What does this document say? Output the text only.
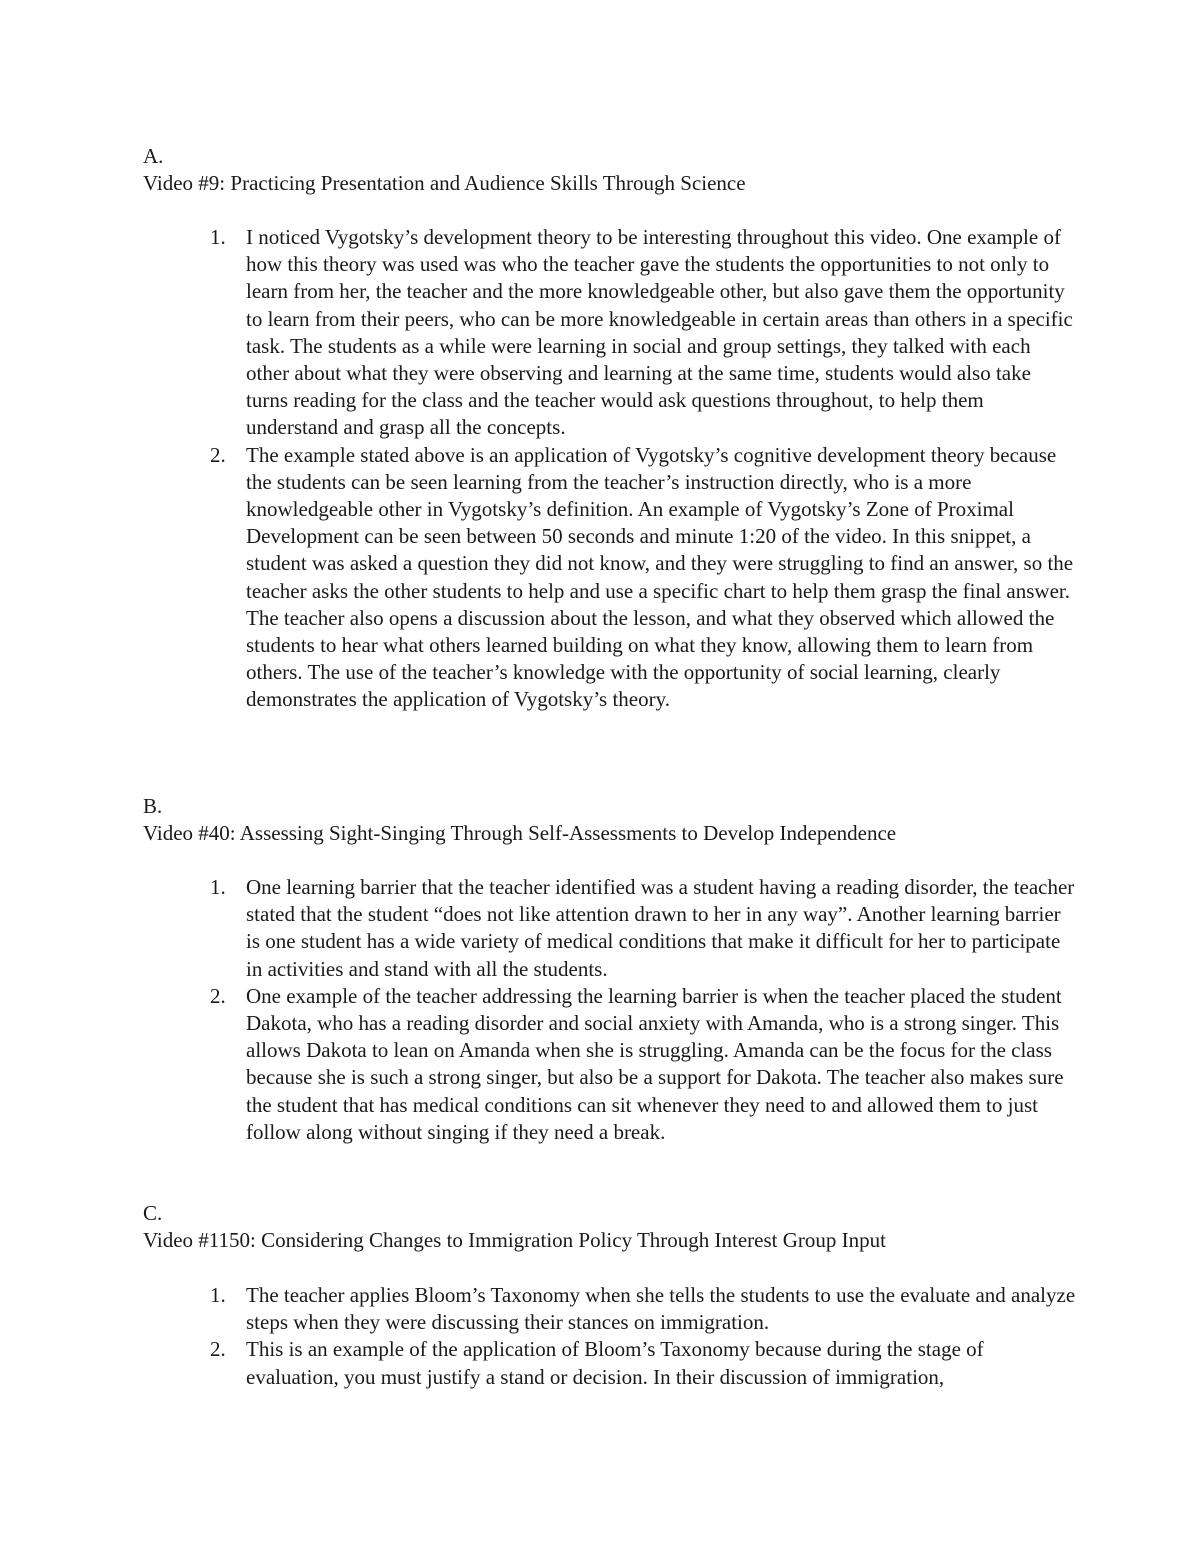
A.

Video #9: Practicing Presentation and Audience Skills Through Science

1. I noticed Vygotsky’s development theory to be interesting throughout this video. One example of how this theory was used was who the teacher gave the students the opportunities to not only to learn from her, the teacher and the more knowledgeable other, but also gave them the opportunity to learn from their peers, who can be more knowledgeable in certain areas than others in a specific task. The students as a while were learning in social and group settings, they talked with each other about what they were observing and learning at the same time, students would also take turns reading for the class and the teacher would ask questions throughout, to help them understand and grasp all the concepts.
2. The example stated above is an application of Vygotsky’s cognitive development theory because the students can be seen learning from the teacher’s instruction directly, who is a more knowledgeable other in Vygotsky’s definition. An example of Vygotsky’s Zone of Proximal Development can be seen between 50 seconds and minute 1:20 of the video. In this snippet, a student was asked a question they did not know, and they were struggling to find an answer, so the teacher asks the other students to help and use a specific chart to help them grasp the final answer. The teacher also opens a discussion about the lesson, and what they observed which allowed the students to hear what others learned building on what they know, allowing them to learn from others. The use of the teacher’s knowledge with the opportunity of social learning, clearly demonstrates the application of Vygotsky’s theory.

B.

Video #40: Assessing Sight-Singing Through Self-Assessments to Develop Independence

1. One learning barrier that the teacher identified was a student having a reading disorder, the teacher stated that the student “does not like attention drawn to her in any way”. Another learning barrier is one student has a wide variety of medical conditions that make it difficult for her to participate in activities and stand with all the students.
2. One example of the teacher addressing the learning barrier is when the teacher placed the student Dakota, who has a reading disorder and social anxiety with Amanda, who is a strong singer. This allows Dakota to lean on Amanda when she is struggling. Amanda can be the focus for the class because she is such a strong singer, but also be a support for Dakota. The teacher also makes sure the student that has medical conditions can sit whenever they need to and allowed them to just follow along without singing if they need a break.

C.

Video #1150: Considering Changes to Immigration Policy Through Interest Group Input

1. The teacher applies Bloom’s Taxonomy when she tells the students to use the evaluate and analyze steps when they were discussing their stances on immigration.
2. This is an example of the application of Bloom’s Taxonomy because during the stage of evaluation, you must justify a stand or decision. In their discussion of immigration,
